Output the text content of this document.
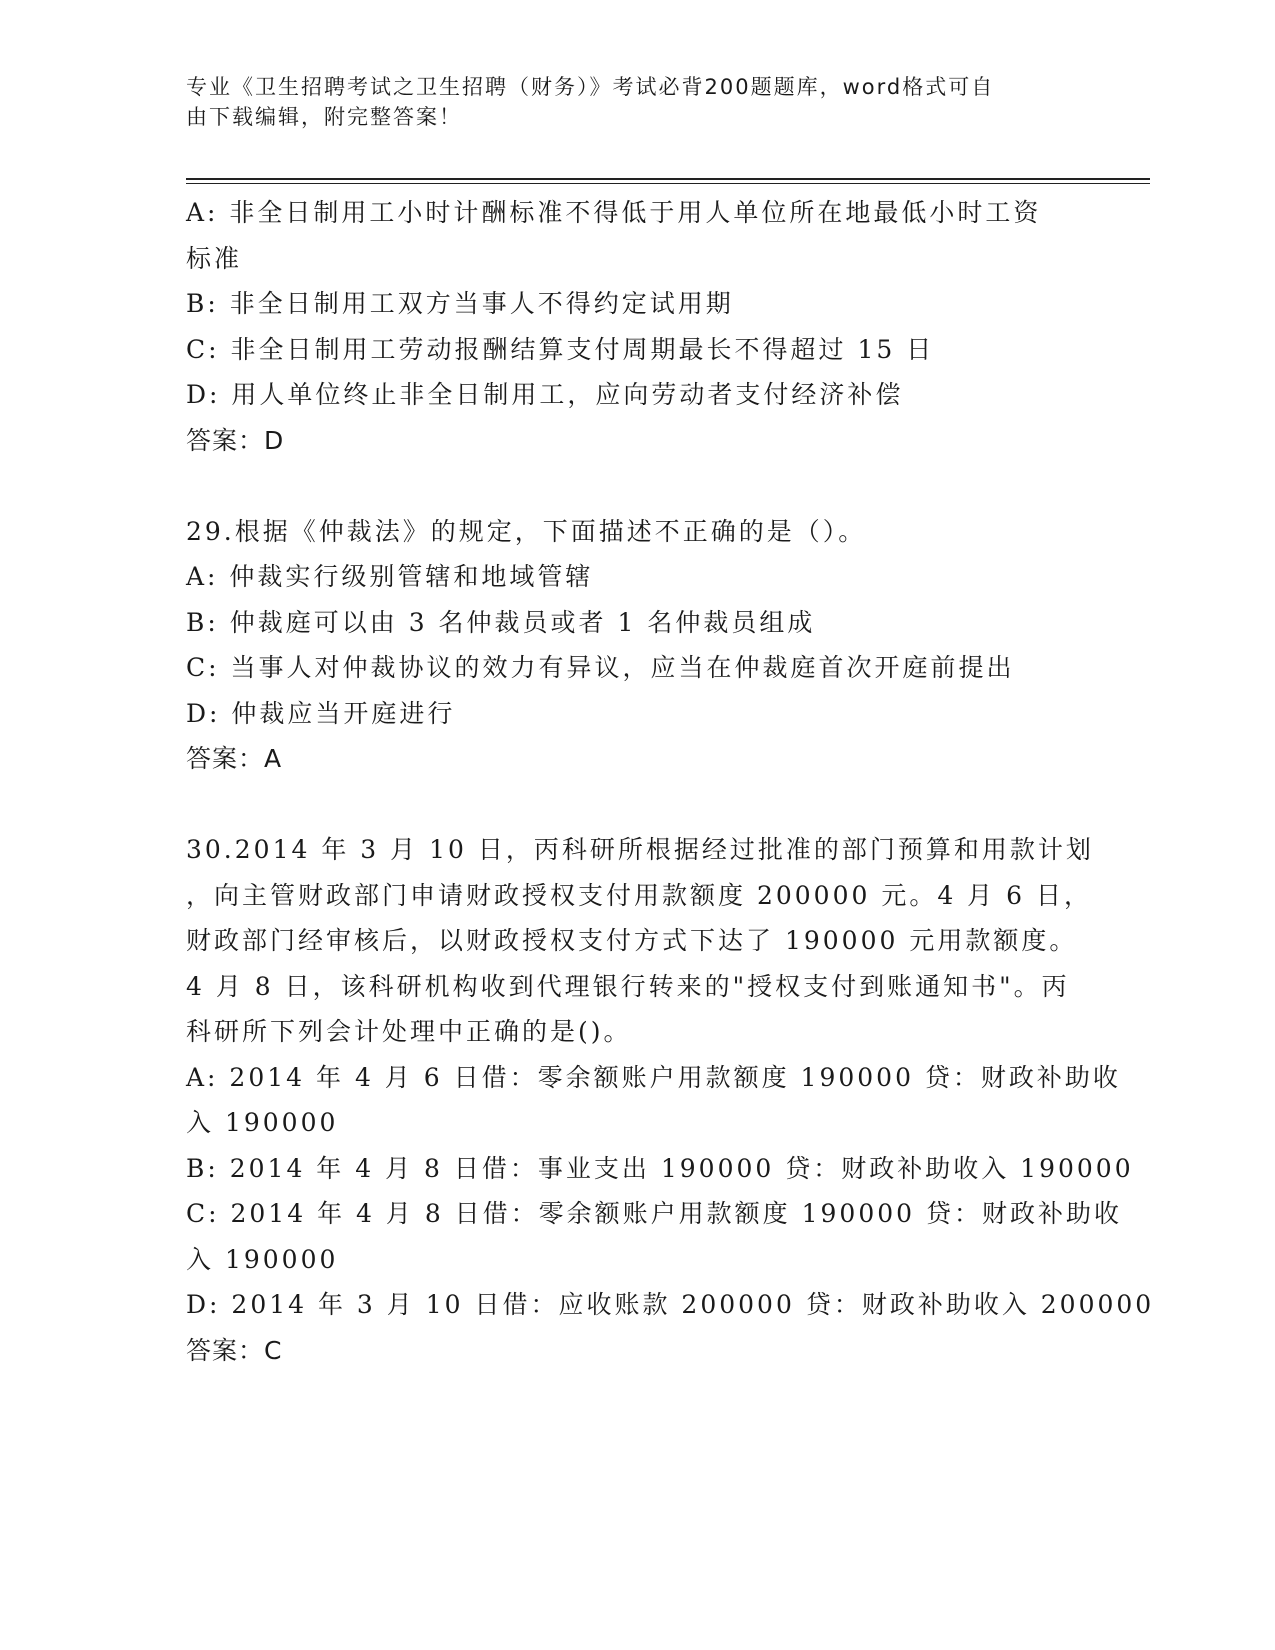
专业《卫生招聘考试之卫生招聘（财务）》考试必背200题题库，word格式可自
由下载编辑，附完整答案！
A: 非全日制用工小时计酬标准不得低于用人单位所在地最低小时工资
标准
B: 非全日制用工双方当事人不得约定试用期
C: 非全日制用工劳动报酬结算支付周期最长不得超过 15 日
D: 用人单位终止非全日制用工，应向劳动者支付经济补偿
答案：D
29.根据《仲裁法》的规定，下面描述不正确的是（）。
A: 仲裁实行级别管辖和地域管辖
B: 仲裁庭可以由 3 名仲裁员或者 1 名仲裁员组成
C: 当事人对仲裁协议的效力有异议，应当在仲裁庭首次开庭前提出
D: 仲裁应当开庭进行
答案：A
30.2014 年 3 月 10 日，丙科研所根据经过批准的部门预算和用款计划
，向主管财政部门申请财政授权支付用款额度 200000 元。4 月 6 日，
财政部门经审核后，以财政授权支付方式下达了 190000 元用款额度。
4 月 8 日，该科研机构收到代理银行转来的"授权支付到账通知书"。丙
科研所下列会计处理中正确的是()。
A: 2014 年 4 月 6 日借：零余额账户用款额度 190000 贷：财政补助收
入 190000
B: 2014 年 4 月 8 日借：事业支出 190000 贷：财政补助收入 190000
C: 2014 年 4 月 8 日借：零余额账户用款额度 190000 贷：财政补助收
入 190000
D: 2014 年 3 月 10 日借：应收账款 200000 贷：财政补助收入 200000
答案：C
